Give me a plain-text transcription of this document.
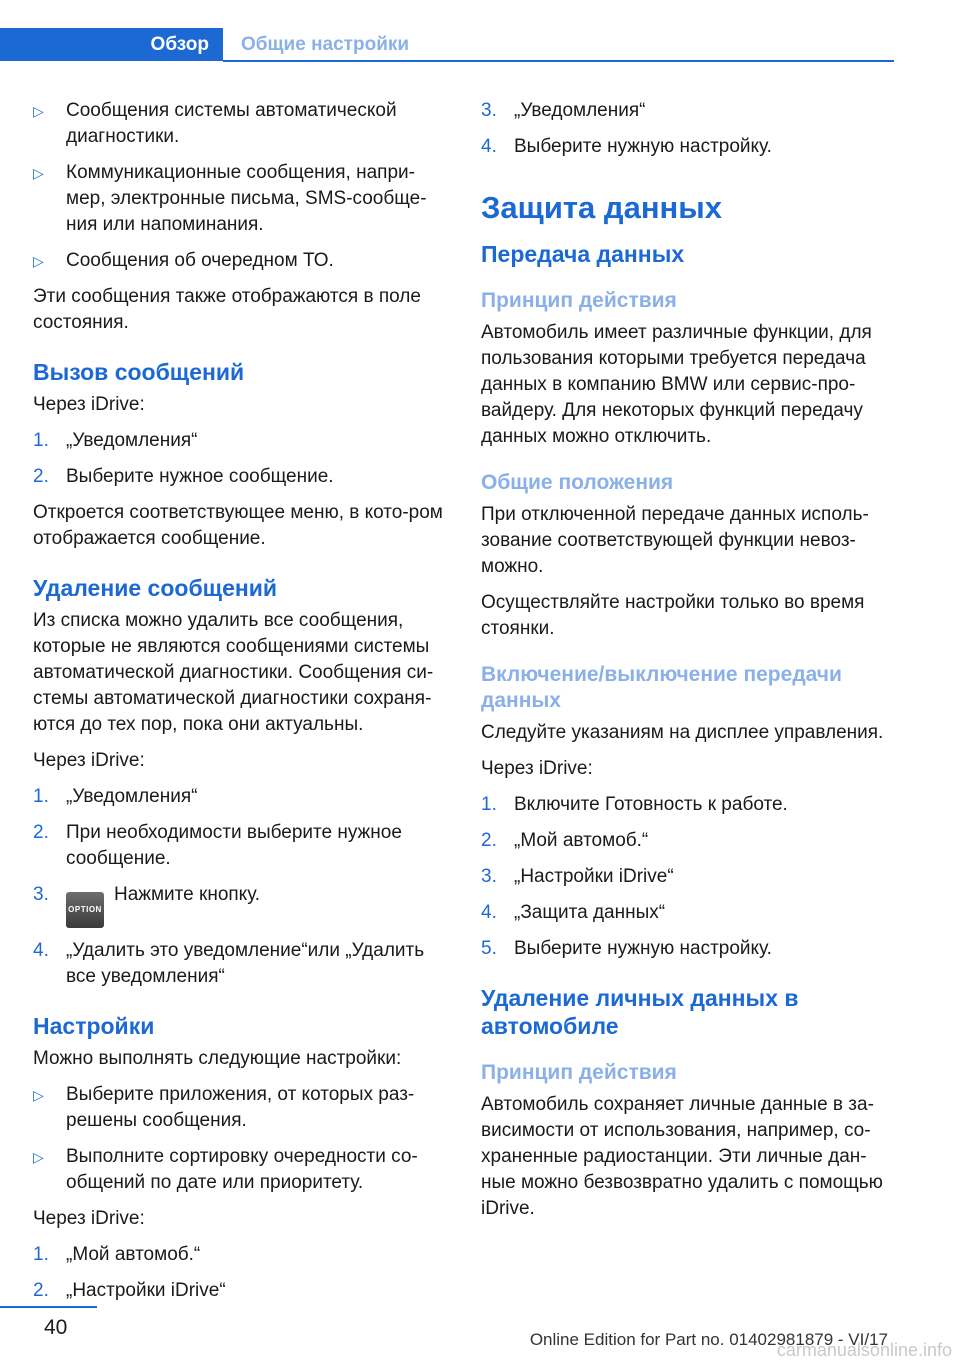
Обзор	Общие настройки
▷ Сообщения системы автоматической диагностики.
▷ Коммуникационные сообщения, напри‐мер, электронные письма, SMS-сообще‐ния или напоминания.
▷ Сообщения об очередном ТО.

Эти сообщения также отображаются в поле состояния.

Вызов сообщений

Через iDrive:

1. „Уведомления“
2. Выберите нужное сообщение.

Откроется соответствующее меню, в кото‐ром отображается сообщение.

Удаление сообщений

Из списка можно удалить все сообщения, которые не являются сообщениями системы автоматической диагностики. Сообщения си‐стемы автоматической диагностики сохраня‐ются до тех пор, пока они актуальны.

Через iDrive:

1. „Уведомления“
2. При необходимости выберите нужное сообщение.
3.
OPTIONНажмите кнопку.
4. „Удалить это уведомление“или „Удалить все уведомления“
Настройки

Можно выполнять следующие настройки:

▷ Выберите приложения, от которых раз‐решены сообщения.
▷ Выполните сортировку очередности со‐общений по дате или приоритету.

Через iDrive:

1. „Мой автомоб.“
2. „Настройки iDrive“
3. „Уведомления“
4. Выберите нужную настройку.
Защита данных
Передача данных
Принцип действия

Автомобиль имеет различные функции, для пользования которыми требуется передача данных в компанию BMW или сервис-про‐вайдеру. Для некоторых функций передачу данных можно отключить.

Общие положения

При отключенной передаче данных исполь‐зование соответствующей функции невоз‐можно.

Осуществляйте настройки только во время стоянки.

Включение/выключение передачи данных

Следуйте указаниям на дисплее управления.

Через iDrive:

1. Включите Готовность к работе.
2. „Мой автомоб.“
3. „Настройки iDrive“
4. „Защита данных“
5. Выберите нужную настройку.
Удаление личных данных в автомобиле
Принцип действия

Автомобиль сохраняет личные данные в за‐висимости от использования, например, со‐храненные радиостанции. Эти личные дан‐ные можно безвозвратно удалить с помощью iDrive.

40
Online Edition for Part no. 01402981879 - VI/17
carmanualsonline.info
